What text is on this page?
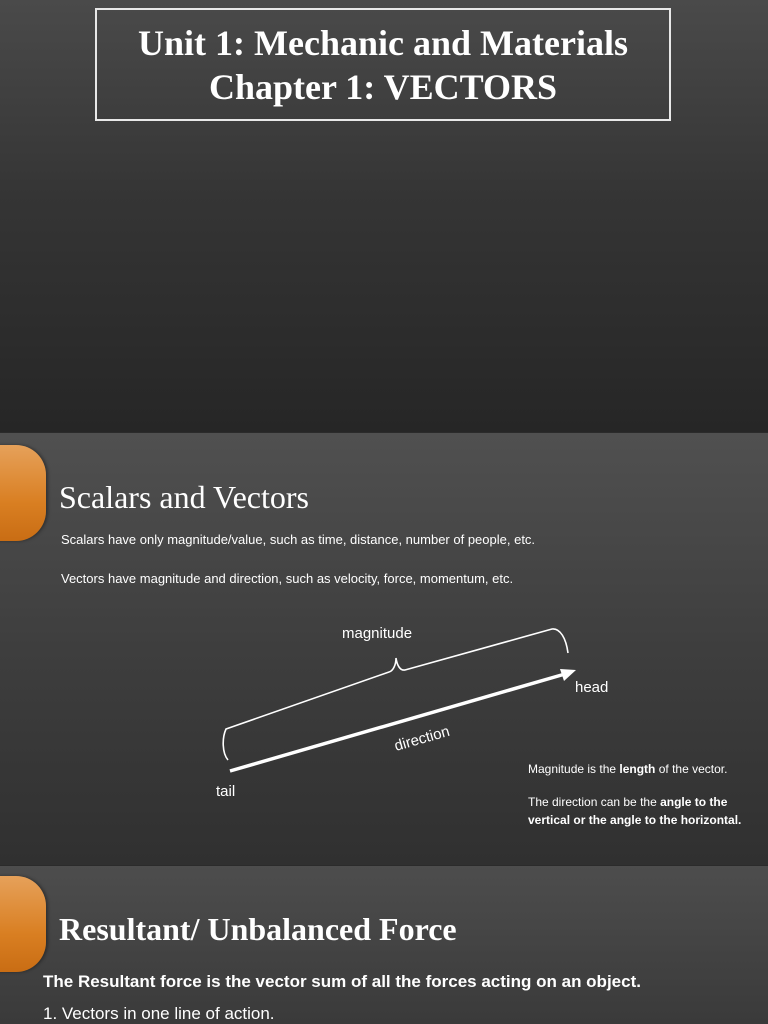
Unit 1: Mechanic and Materials
Chapter 1: VECTORS
Scalars and Vectors
Scalars have only magnitude/value, such as time, distance, number of people, etc.
Vectors have magnitude and direction, such as velocity, force, momentum, etc.
magnitude
head
tail
direction
Magnitude is the length of the vector.
The direction can be the angle to the vertical or the angle to the horizontal.
Resultant/ Unbalanced Force
The Resultant force is the vector sum of all the forces acting on an object.
1. Vectors in one line of action.
